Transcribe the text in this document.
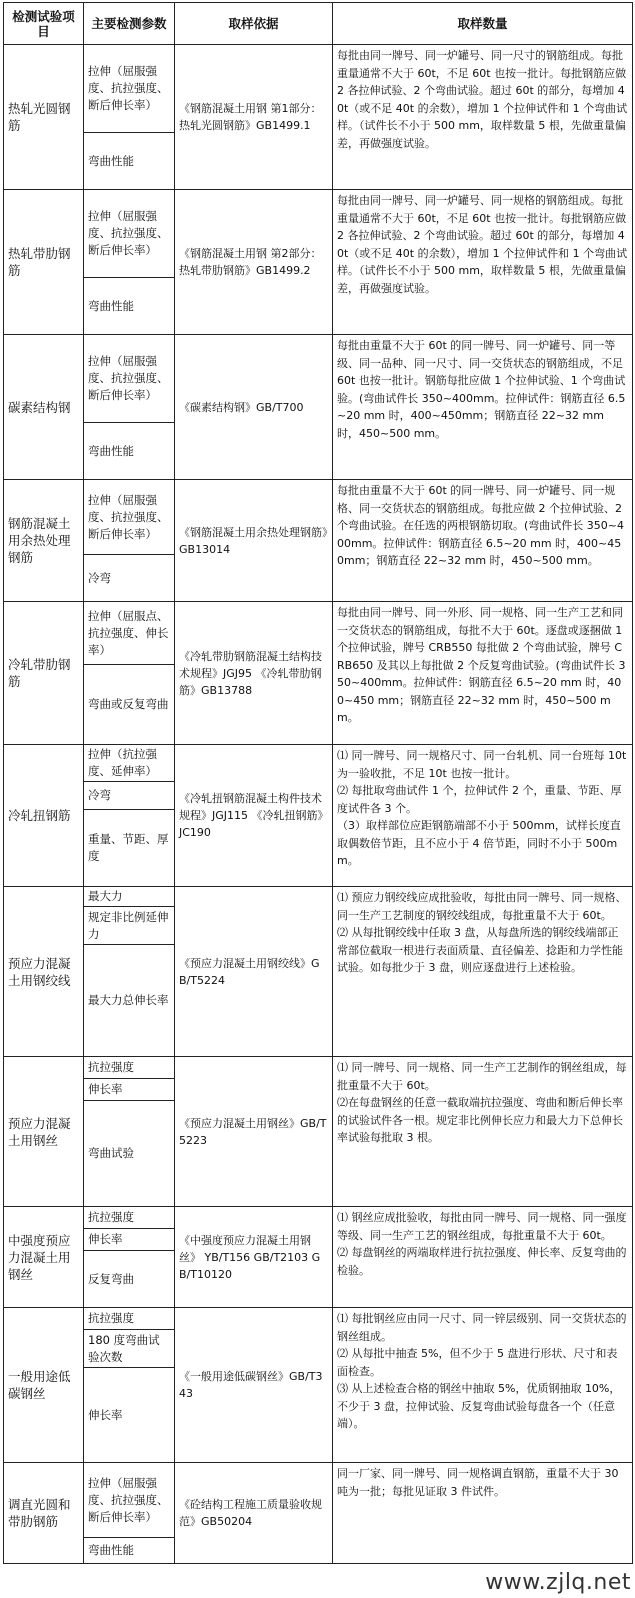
检测试验项目	主要检测参数	取样依据	取样数量
热轧光圆钢筋	拉伸（屈服强度、抗拉强度、断后伸长率）	《钢筋混凝土用钢 第1部分：热轧光圆钢筋》GB1499.1	每批由同一牌号、同一炉罐号、同一尺寸的钢筋组成。每批重量通常不大于 60t，不足 60t 也按一批计。每批钢筋应做 2 各拉伸试验、2 个弯曲试验。超过 60t 的部分，每增加 40t（或不足 40t 的余数），增加 1 个拉伸试件和 1 个弯曲试样。（试件长不小于 500 mm，取样数量 5 根，先做重量偏差，再做强度试验。

	弯曲性能		
热轧带肋钢筋	拉伸（屈服强度、抗拉强度、断后伸长率）	《钢筋混凝土用钢 第2部分：热轧带肋钢筋》GB1499.2	每批由同一牌号、同一炉罐号、同一规格的钢筋组成。每批重量通常不大于 60t，不足 60t 也按一批计。每批钢筋应做 2 各拉伸试验、2 个弯曲试验。超过 60t 的部分，每增加 40t（或不足 40t 的余数），增加 1 个拉伸试件和 1 个弯曲试样。（试件长不小于 500 mm，取样数量 5 根，先做重量偏差，再做强度试验。

	弯曲性能		
碳素结构钢	拉伸（屈服强度、抗拉强度、断后伸长率）	《碳素结构钢》GB/T700	每批由重量不大于 60t 的同一牌号、同一炉罐号、同一等级、同一品种、同一尺寸、同一交货状态的钢筋组成，不足 60t 也按一批计。钢筋每批应做 1 个拉伸试验、1 个弯曲试验。(弯曲试件长 350~400mm。拉伸试件：钢筋直径 6.5~20 mm 时，400~450mm；钢筋直径 22~32 mm 时，450~500 mm。

	弯曲性能		
钢筋混凝土用余热处理钢筋	拉伸（屈服强度、抗拉强度、断后伸长率）	《钢筋混凝土用余热处理钢筋》GB13014	每批由重量不大于 60t 的同一牌号、同一炉罐号、同一规格、同一交货状态的钢筋组成。每批应做 2 个拉伸试验、2 个弯曲试验。在任选的两根钢筋切取。(弯曲试件长 350~400mm。拉伸试件：钢筋直径 6.5~20 mm 时，400~450mm；钢筋直径 22~32 mm 时，450~500 mm。

	冷弯		
冷轧带肋钢筋	拉伸（屈服点、抗拉强度、伸长率）	《冷轧带肋钢筋混凝土结构技术规程》JGJ95 《冷轧带肋钢筋》GB13788	每批由同一牌号、同一外形、同一规格、同一生产工艺和同一交货状态的钢筋组成，每批不大于 60t。逐盘或逐捆做 1 个拉伸试验，牌号 CRB550 每批做 2 个弯曲试验，牌号 CRB650 及其以上每批做 2 个反复弯曲试验。(弯曲试件长 350~400mm。拉伸试件：钢筋直径 6.5~20 mm 时，400~450 mm；钢筋直径 22~32 mm 时，450~500 mm。

	弯曲或反复弯曲		
冷轧扭钢筋	拉伸（抗拉强度、延伸率）	《冷轧扭钢筋混凝土构件技术规程》JGJ115 《冷轧扭钢筋》JC190	⑴ 同一牌号、同一规格尺寸、同一台轧机、同一台班每 10t 为一验收批，不足 10t 也按一批计。
⑵ 每批取弯曲试件 1 个，拉伸试件 2 个，重量、节距、厚度试件各 3 个。
（3）取样部位应距钢筋端部不小于 500mm，试样长度直取偶数倍节距，且不应小于 4 倍节距，同时不小于 500mm。

	冷弯		
	重量、节距、厚度		
预应力混凝土用钢绞线	最大力	《预应力混凝土用钢绞线》GB/T5224	⑴ 预应力钢绞线应成批验收，每批由同一牌号、同一规格、同一生产工艺制度的钢绞线组成，每批重量不大于 60t。
⑵ 从每批钢绞线中任取 3 盘，从每盘所选的钢绞线端部正常部位截取一根进行表面质量、直径偏差、捻距和力学性能试验。如每批少于 3 盘，则应逐盘进行上述检验。

	规定非比例延伸力		
	最大力总伸长率		
预应力混凝土用钢丝	抗拉强度	《预应力混凝土用钢丝》GB/T5223	⑴ 同一牌号、同一规格、同一生产工艺制作的钢丝组成，每批重量不大于 60t。
⑵在每盘钢丝的任意一截取端抗拉强度、弯曲和断后伸长率的试验试件各一根。规定非比例伸长应力和最大力下总伸长率试验每批取 3 根。

	伸长率		
	弯曲试验		
中强度预应力混凝土用钢丝	抗拉强度	《中强度预应力混凝土用钢丝》 YB/T156 GB/T2103 GB/T10120	⑴ 钢丝应成批验收，每批由同一牌号、同一规格、同一强度等级、同一生产工艺的钢丝组成，每批重量不大于 60t。
⑵ 每盘钢丝的两端取样进行抗拉强度、伸长率、反复弯曲的检验。

	伸长率		
	反复弯曲		
一般用途低碳钢丝	抗拉强度	《一般用途低碳钢丝》GB/T343	⑴ 每批钢丝应由同一尺寸、同一锌层级别、同一交货状态的钢丝组成。
⑵ 从每批中抽查 5%，但不少于 5 盘进行形状、尺寸和表面检查。
⑶ 从上述检查合格的钢丝中抽取 5%，优质钢抽取 10%，不少于 3 盘，拉伸试验、反复弯曲试验每盘各一个（任意端）。

	180 度弯曲试验次数		
	伸长率		
调直光圆和带肋钢筋	拉伸（屈服强度、抗拉强度、断后伸长率）	《砼结构工程施工质量验收规范》GB50204	同一厂家、同一牌号、同一规格调直钢筋，重量不大于 30 吨为一批；每批见证取 3 件试件。

	弯曲性能		
www.zjlq.net
